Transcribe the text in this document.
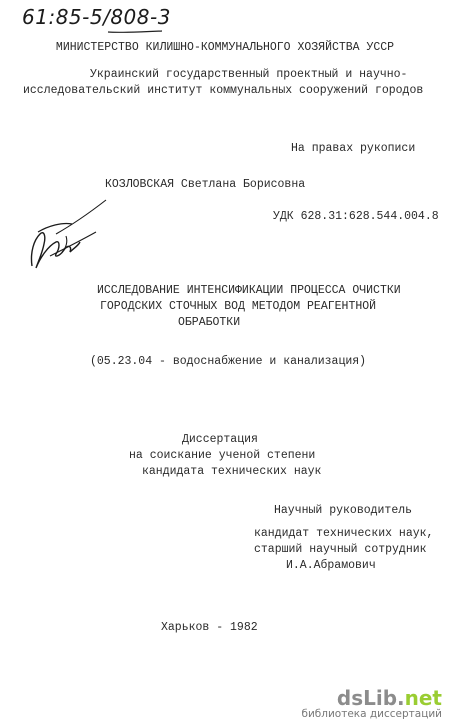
61:85-5/808-3
МИНИСТЕРСТВО КИЛИШНО-КОММУНАЛЬНОГО ХОЗЯЙСТВА УССР
Украинский государственный проектный и научно-
исследовательский институт коммунальных сооружений городов
На правах рукописи
КОЗЛОВСКАЯ Светлана Борисовна
УДК 628.31:628.544.004.8
ИССЛЕДОВАНИЕ ИНТЕНСИФИКАЦИИ ПРОЦЕССА ОЧИСТКИ
ГОРОДСКИХ СТОЧНЫХ ВОД МЕТОДОМ РЕАГЕНТНОЙ
ОБРАБОТКИ
(05.23.04 - водоснабжение и канализация)
Диссертация
на соискание ученой степени
кандидата технических наук
Научный руководитель
кандидат технических наук,
старший научный сотрудник
И.А.Абрамович
Харьков - 1982
dsLib.net
библиотека диссертаций
